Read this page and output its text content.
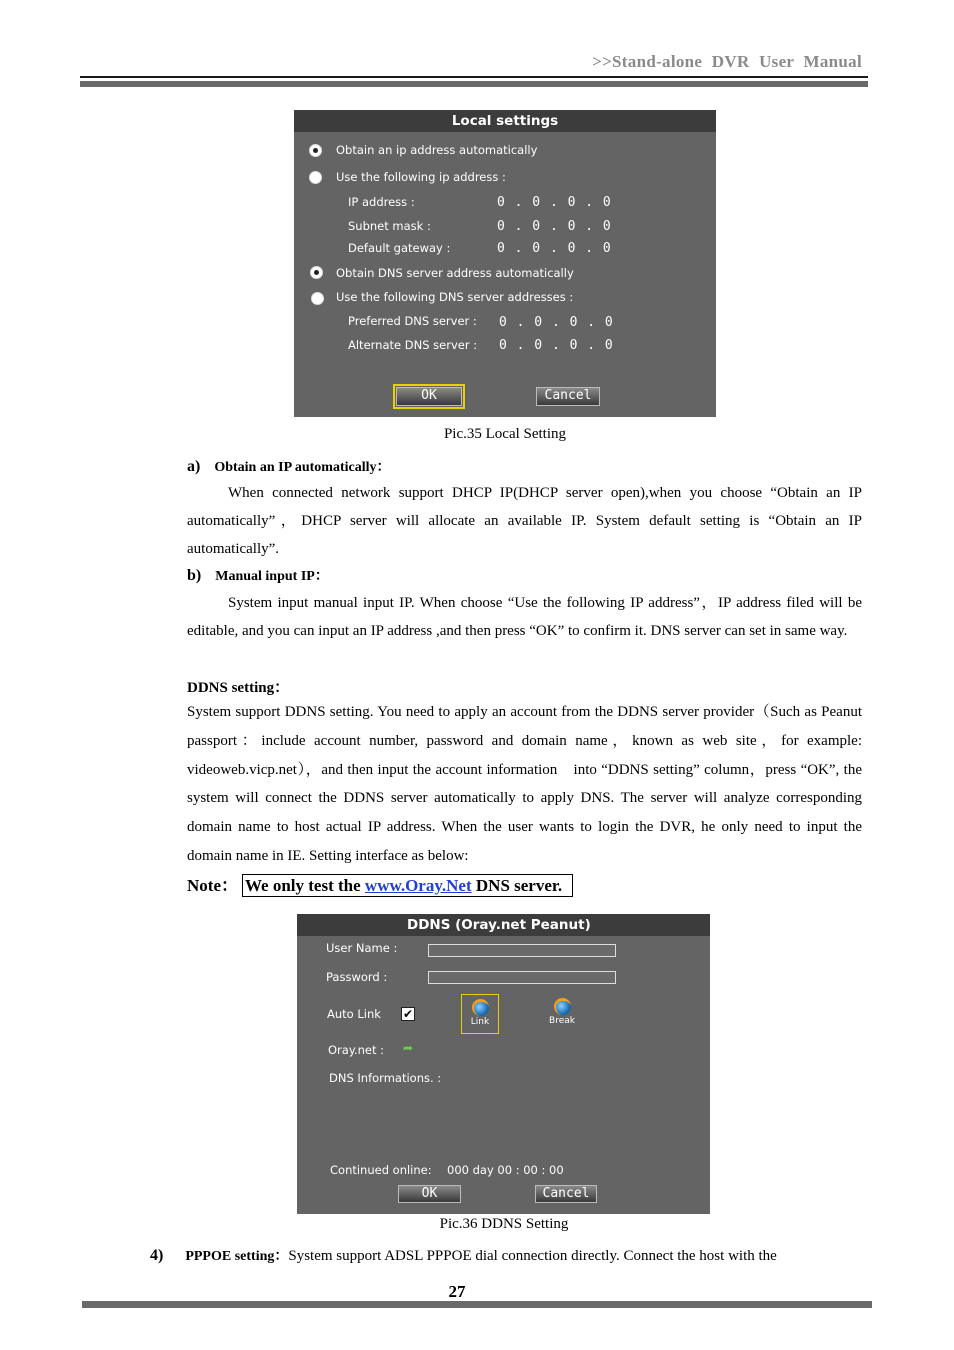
>>Stand-alone DVR User Manual
Local settings
Obtain an ip address automatically
Use the following ip address :
IP address :	0 . 0 . 0 . 0
Subnet mask :	0 . 0 . 0 . 0
Default gateway :	0 . 0 . 0 . 0
Obtain DNS server address automatically
Use the following DNS server addresses :
Preferred DNS server : 0 . 0 . 0 . 0
Alternate DNS server : 0 . 0 . 0 . 0
OK	Cancel
Pic.35 Local Setting
a) Obtain an IP automatically：
When connected network support DHCP IP(DHCP server open),when you choose “Obtain an IP automatically”，DHCP server will allocate an available IP. System default setting is “Obtain an IP automatically”.
b) Manual input IP：
System input manual input IP. When choose “Use the following IP address”，IP address filed will be editable, and you can input an IP address ,and then press “OK” to confirm it. DNS server can set in same way.
DDNS setting：
System support DDNS setting. You need to apply an account from the DDNS server provider（Such as Peanut passport：include account number, password and domain name，known as web site，for example: videoweb.vicp.net），and then input the account information　into “DDNS setting” column，press “OK”, the system will connect the DDNS server automatically to apply DNS. The server will analyze corresponding domain name to host actual IP address. When the user wants to login the DVR, he only need to input the domain name in IE. Setting interface as below:
Note： We only test the www.Oray.Net DNS server.
DDNS (Oray.net Peanut)
User Name :
Password :
Auto Link ✔
Link	Break
Oray.net : ➦
DNS Informations. :
Continued online: 000 day 00 : 00 : 00
OK	Cancel
Pic.36 DDNS Setting
4) PPPOE setting：System support ADSL PPPOE dial connection directly. Connect the host with the
27
